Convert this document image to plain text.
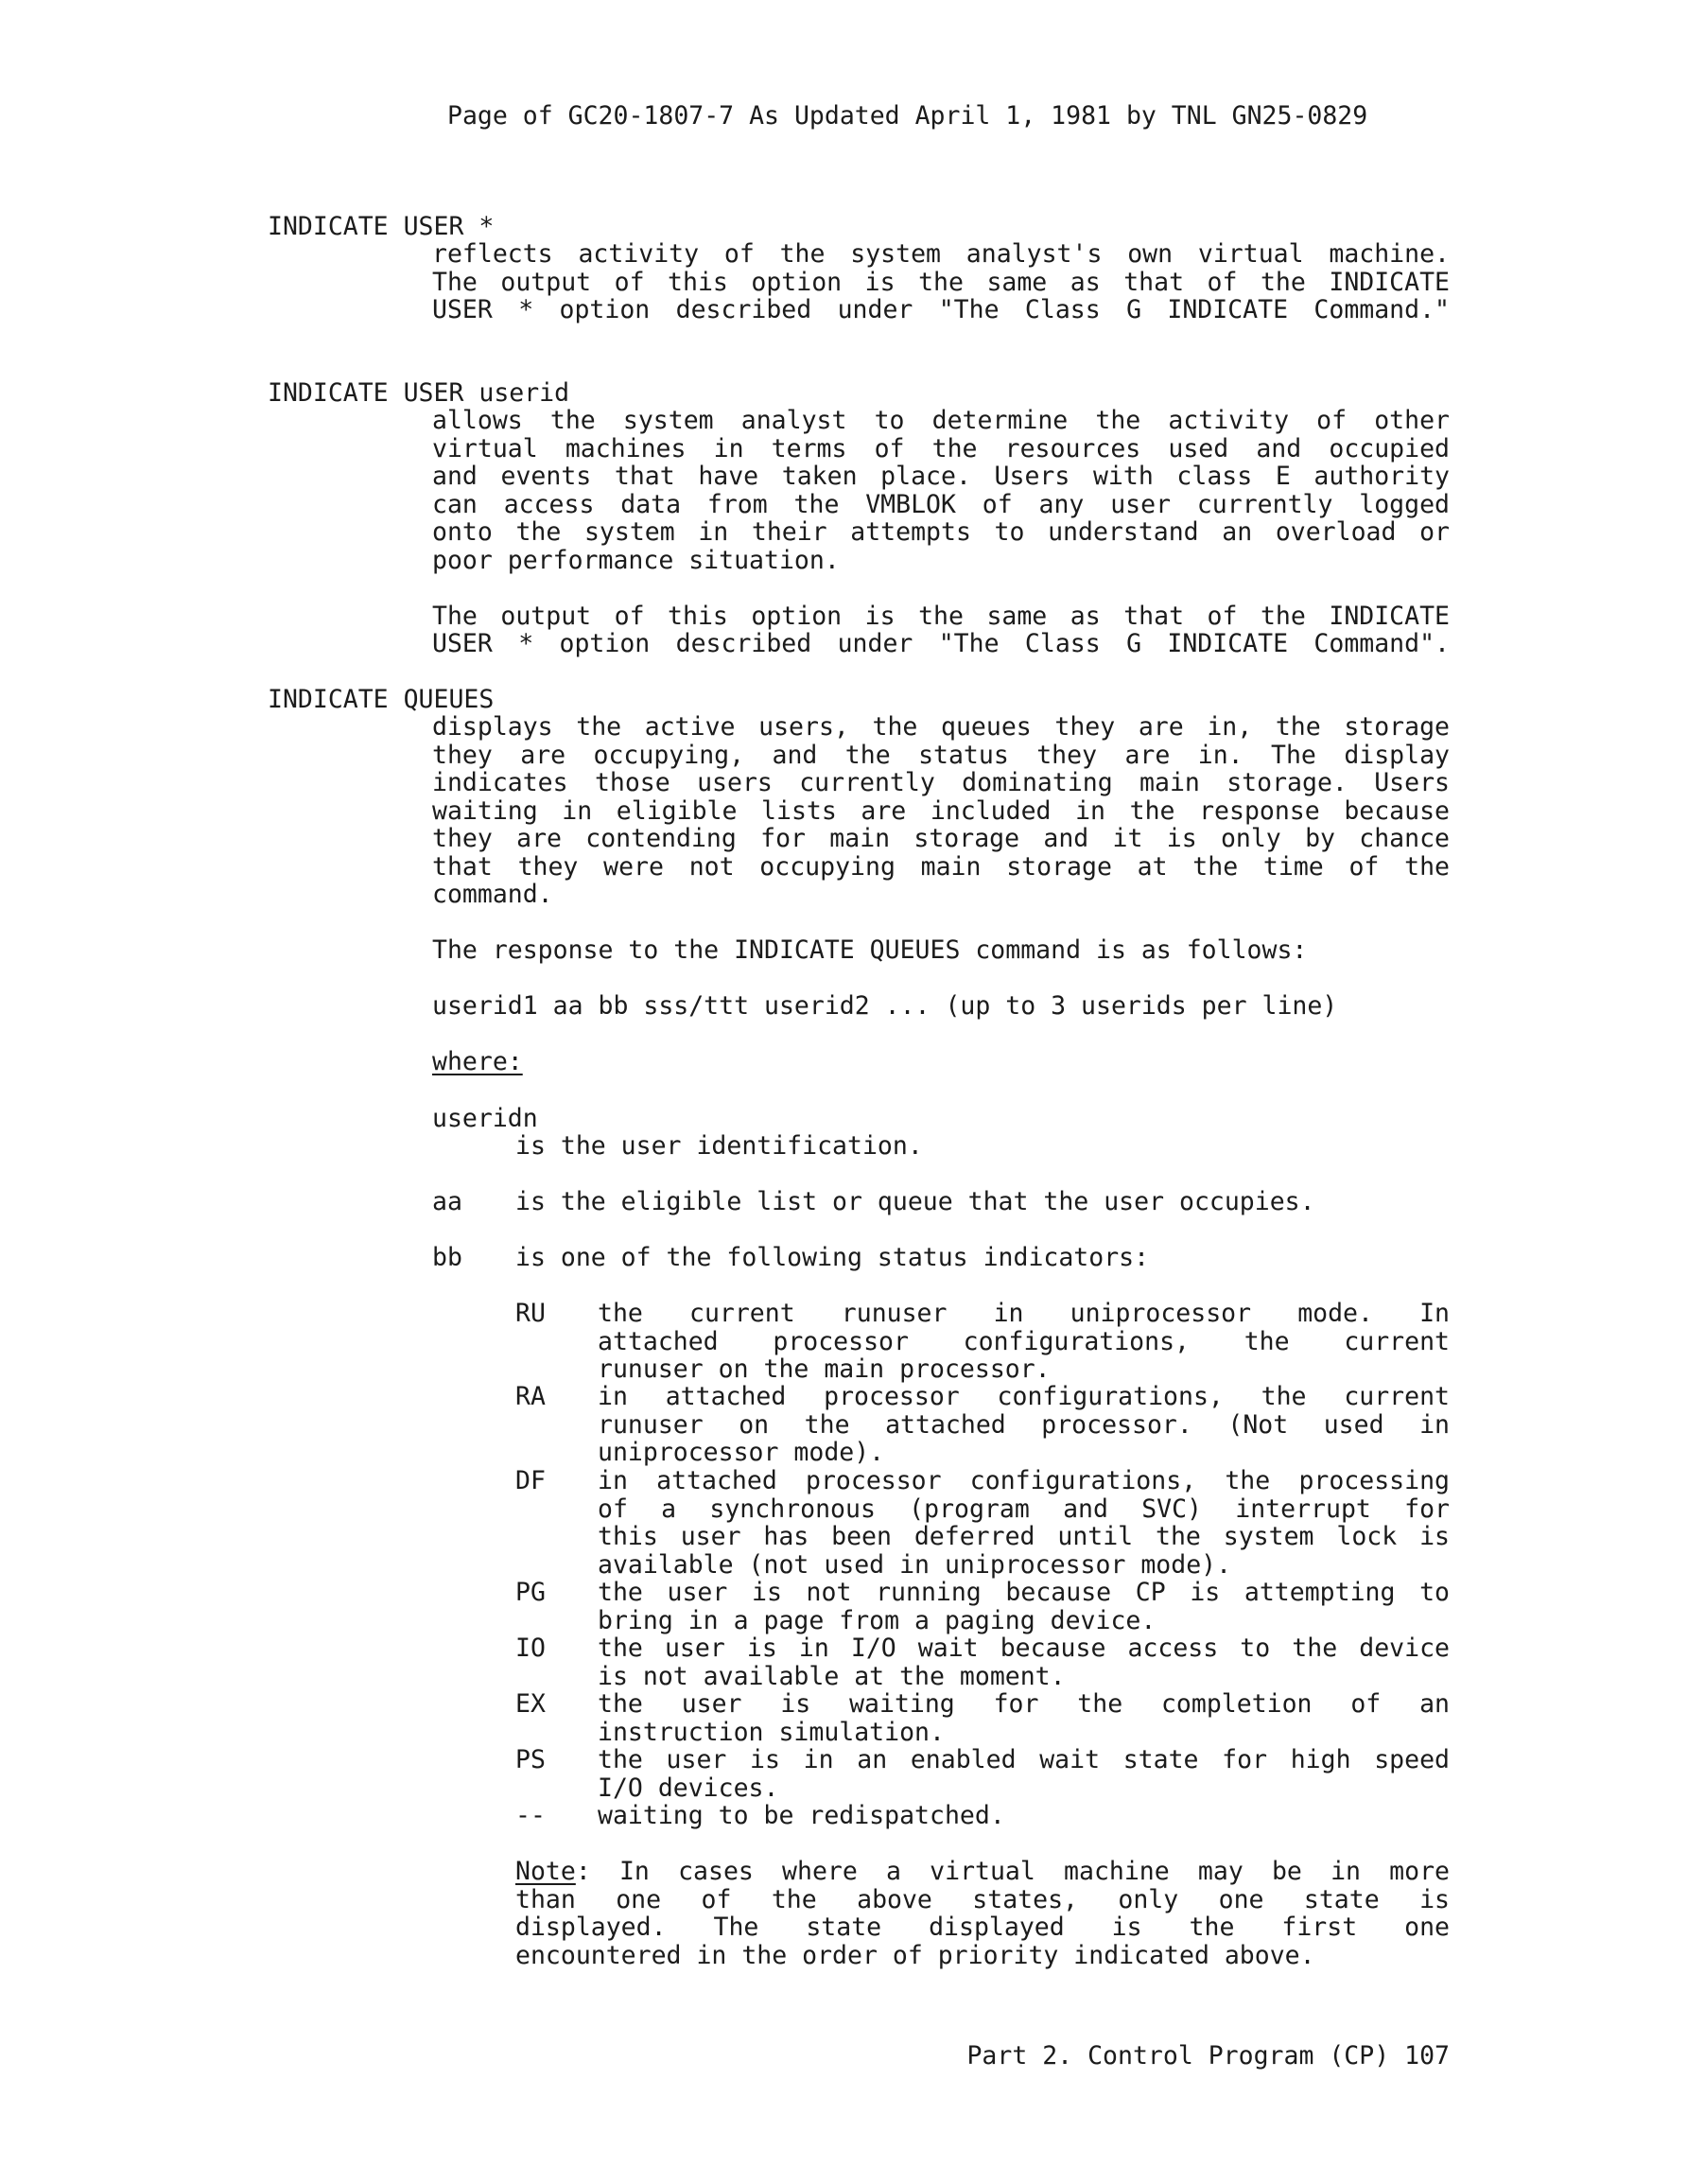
Page of GC20-1807-7 As Updated April 1, 1981 by TNL GN25-0829
INDICATE USER *

reflects activity of the system analyst's own virtual machine.

The output of this option is the same as that of the INDICATE

USER * option described under "The Class G INDICATE Command."

INDICATE USER userid

allows the system analyst to determine the activity of other

virtual machines in terms of the resources used and occupied

and events that have taken place. Users with class E authority

can access data from the VMBLOK of any user currently logged

onto the system in their attempts to understand an overload or

poor performance situation.

The output of this option is the same as that of the INDICATE

USER * option described under "The Class G INDICATE Command".

INDICATE QUEUES

displays the active users, the queues they are in, the storage

they are occupying, and the status they are in. The display

indicates those users currently dominating main storage. Users

waiting in eligible lists are included in the response because

they are contending for main storage and it is only by chance

that they were not occupying main storage at the time of the

command.

The response to the INDICATE QUEUES command is as follows:

userid1 aa bb sss/ttt userid2 ... (up to 3 userids per line)

where:

useridn
is the user identification.
aa is the eligible list or queue that the user occupies.
bb is one of the following status indicators:
RU the current runuser in uniprocessor mode. In

attached processor configurations, the current

runuser on the main processor.

RA in attached processor configurations, the current

runuser on the attached processor. (Not used in

uniprocessor mode).

DF in attached processor configurations, the processing

of a synchronous (program and SVC) interrupt for

this user has been deferred until the system lock is

available (not used in uniprocessor mode).

PG the user is not running because CP is attempting to

bring in a page from a paging device.

IO the user is in I/O wait because access to the device

is not available at the moment.

EX the user is waiting for the completion of an

instruction simulation.

PS the user is in an enabled wait state for high speed

I/O devices.

-- waiting to be redispatched.

Note: In cases where a virtual machine may be in more

than one of the above states, only one state is

displayed. The state displayed is the first one

encountered in the order of priority indicated above.

Part 2. Control Program (CP) 107
